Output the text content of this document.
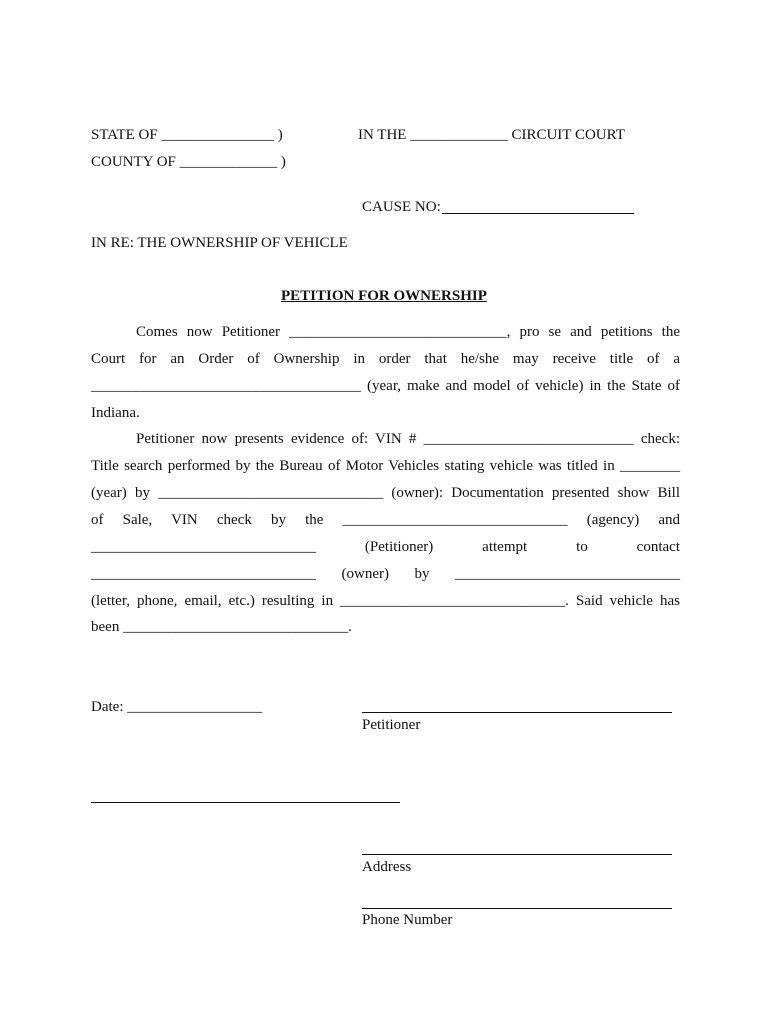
STATE OF _______________ )	IN THE _____________ CIRCUIT COURT
COUNTY OF _____________ )
CAUSE NO:
IN RE: THE OWNERSHIP OF VEHICLE
PETITION FOR OWNERSHIP
Comes now Petitioner _____________________________, pro se and petitions the
Court for an Order of Ownership in order that he/she may receive title of a
____________________________________ (year, make and model of vehicle) in the State of
Indiana.
Petitioner now presents evidence of: VIN # ____________________________ check:
Title search performed by the Bureau of Motor Vehicles stating vehicle was titled in ________
(year) by ______________________________ (owner): Documentation presented show Bill
of Sale, VIN check by the ______________________________ (agency) and
______________________________ (Petitioner) attempt to contact
______________________________ (owner) by ______________________________
(letter, phone, email, etc.) resulting in ______________________________. Said vehicle has
been ______________________________.
Date: __________________
Petitioner
Address
Phone Number
